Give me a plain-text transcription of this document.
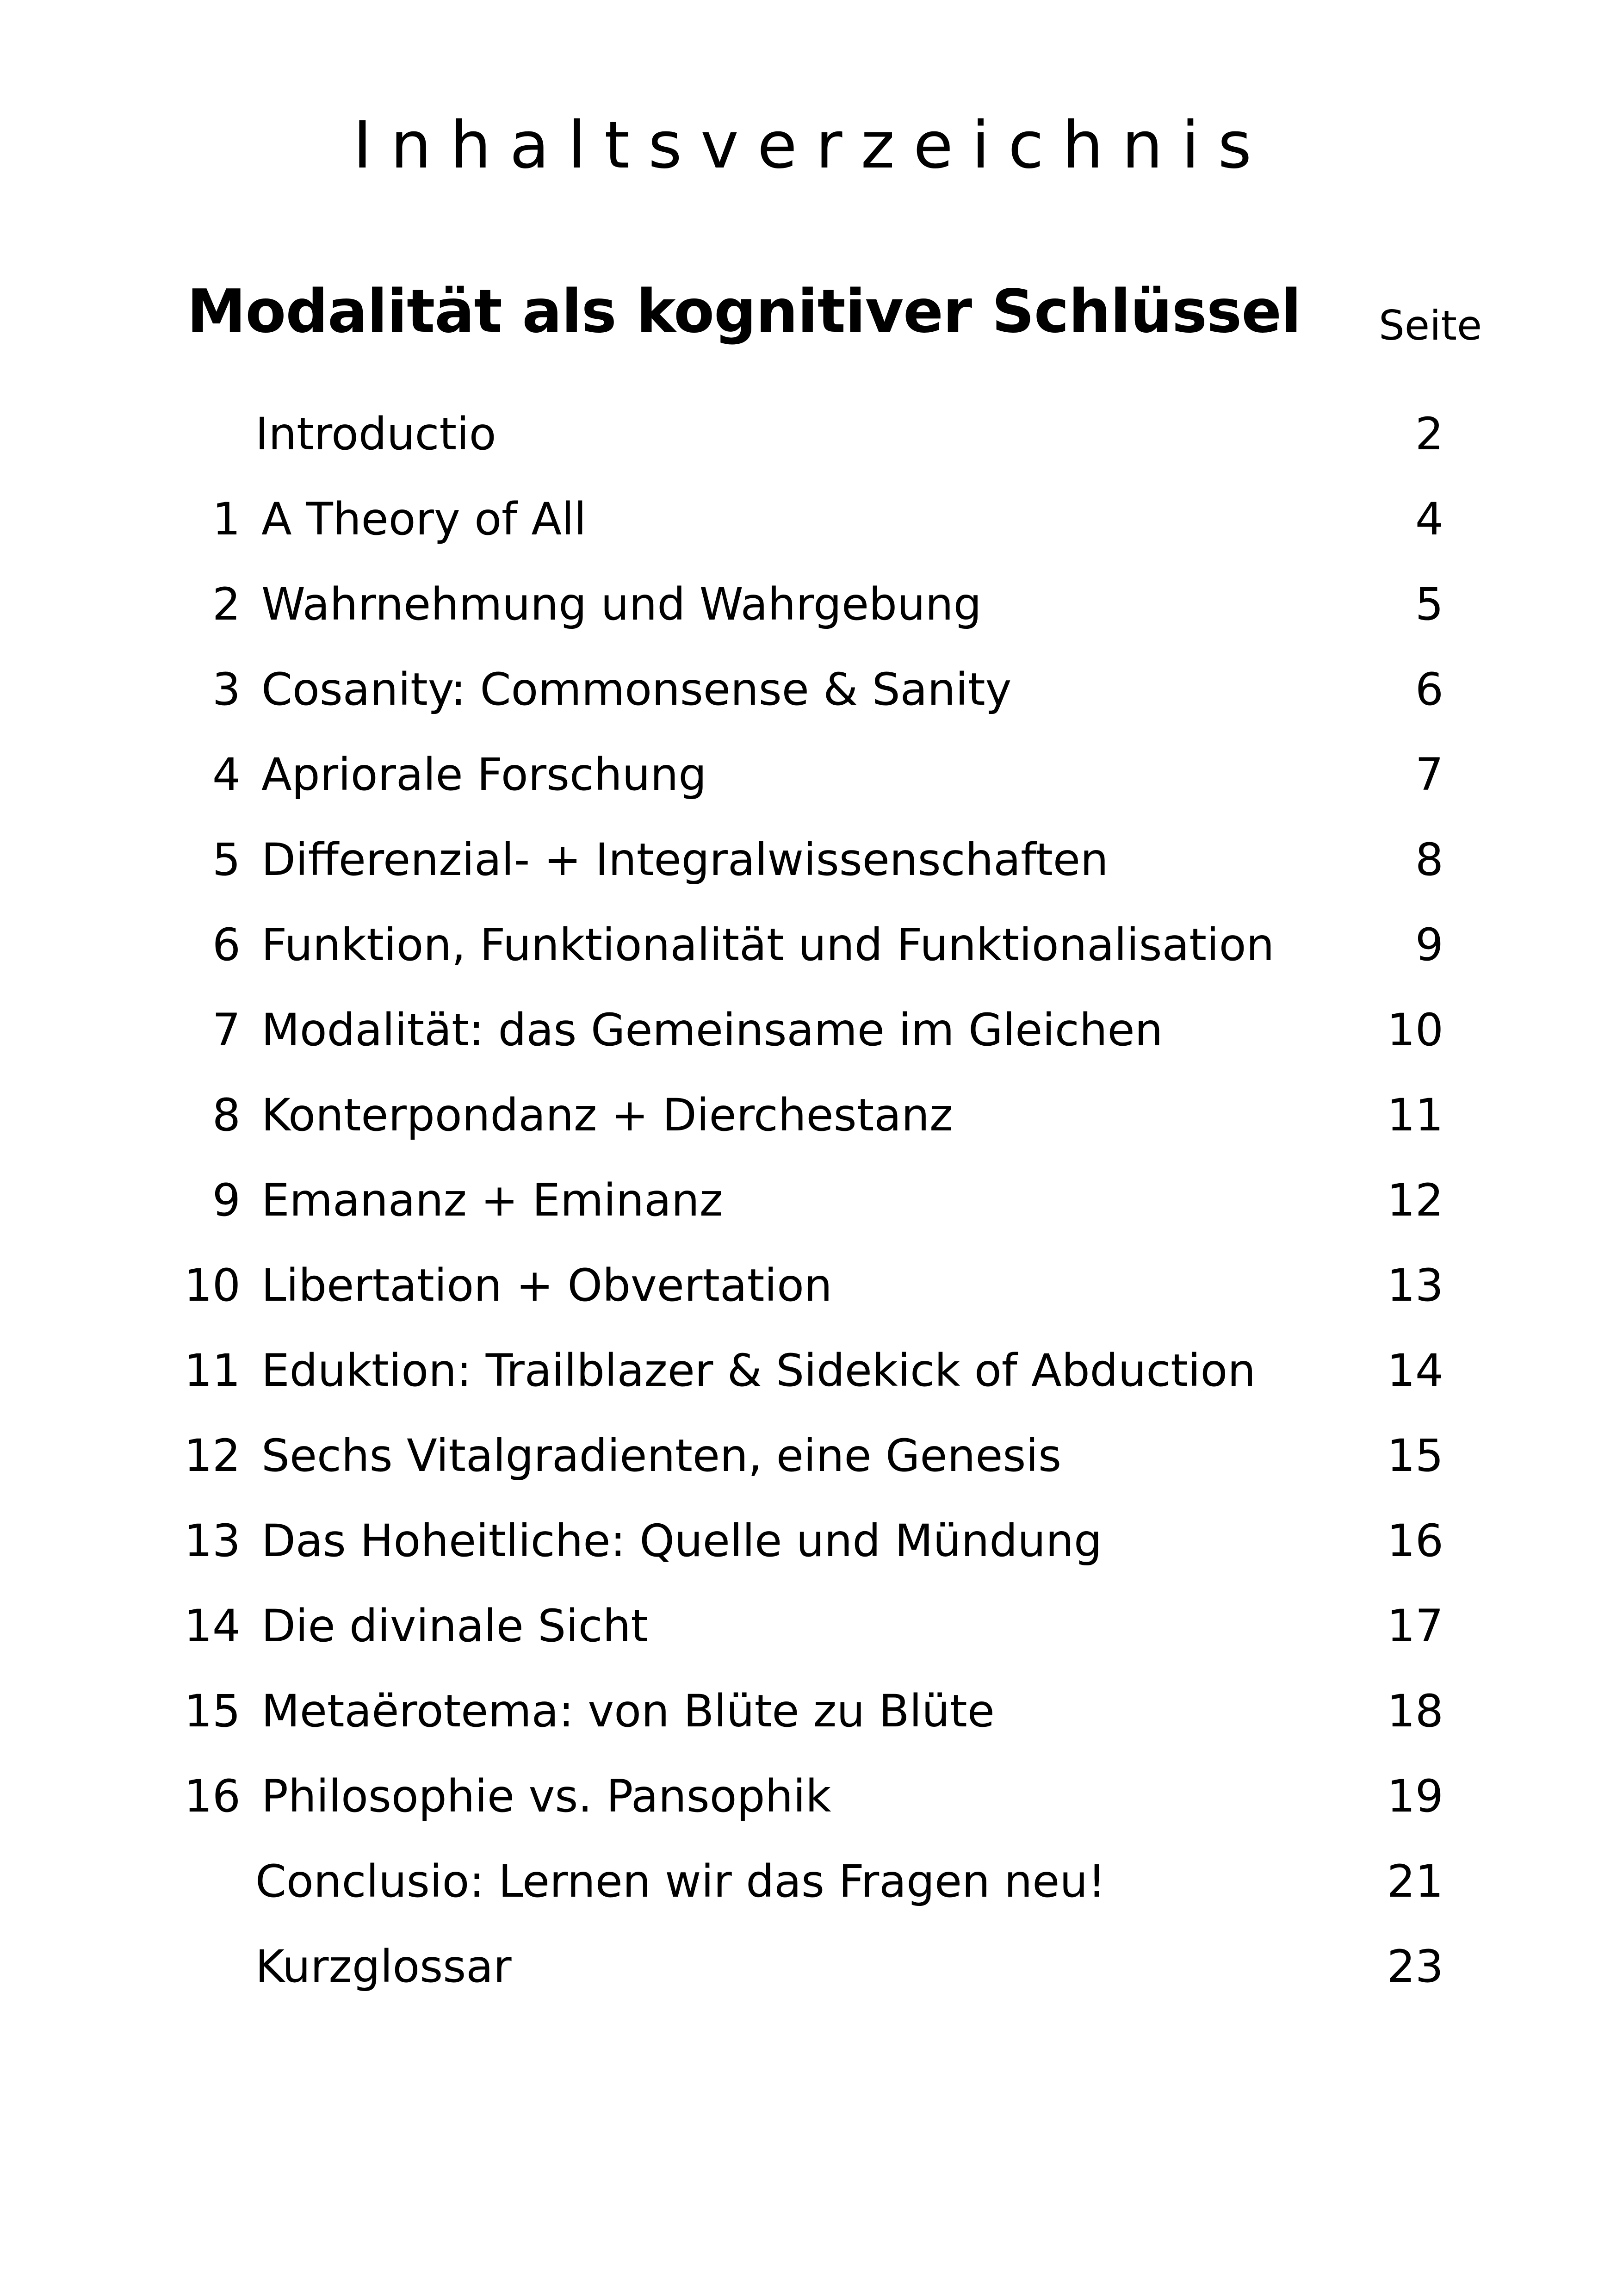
Inhaltsverzeichnis
Modalität als kognitiver Schlüssel Seite
Introductio	2
1 A Theory of All	4
2 Wahrnehmung und Wahrgebung	5
3 Cosanity: Commonsense & Sanity	6
4 Apriorale Forschung	7
5 Differenzial- + Integralwissenschaften	8
6 Funktion, Funktionalität und Funktionalisation	9
7 Modalität: das Gemeinsame im Gleichen	10
8 Konterpondanz + Dierchestanz	11
9 Emananz + Eminanz	12
10 Libertation + Obvertation	13
11 Eduktion: Trailblazer & Sidekick of Abduction	14
12 Sechs Vitalgradienten, eine Genesis	15
13 Das Hoheitliche: Quelle und Mündung	16
14 Die divinale Sicht	17
15 Metaërotema: von Blüte zu Blüte	18
16 Philosophie vs. Pansophik	19
Conclusio: Lernen wir das Fragen neu!	21
Kurzglossar	23
